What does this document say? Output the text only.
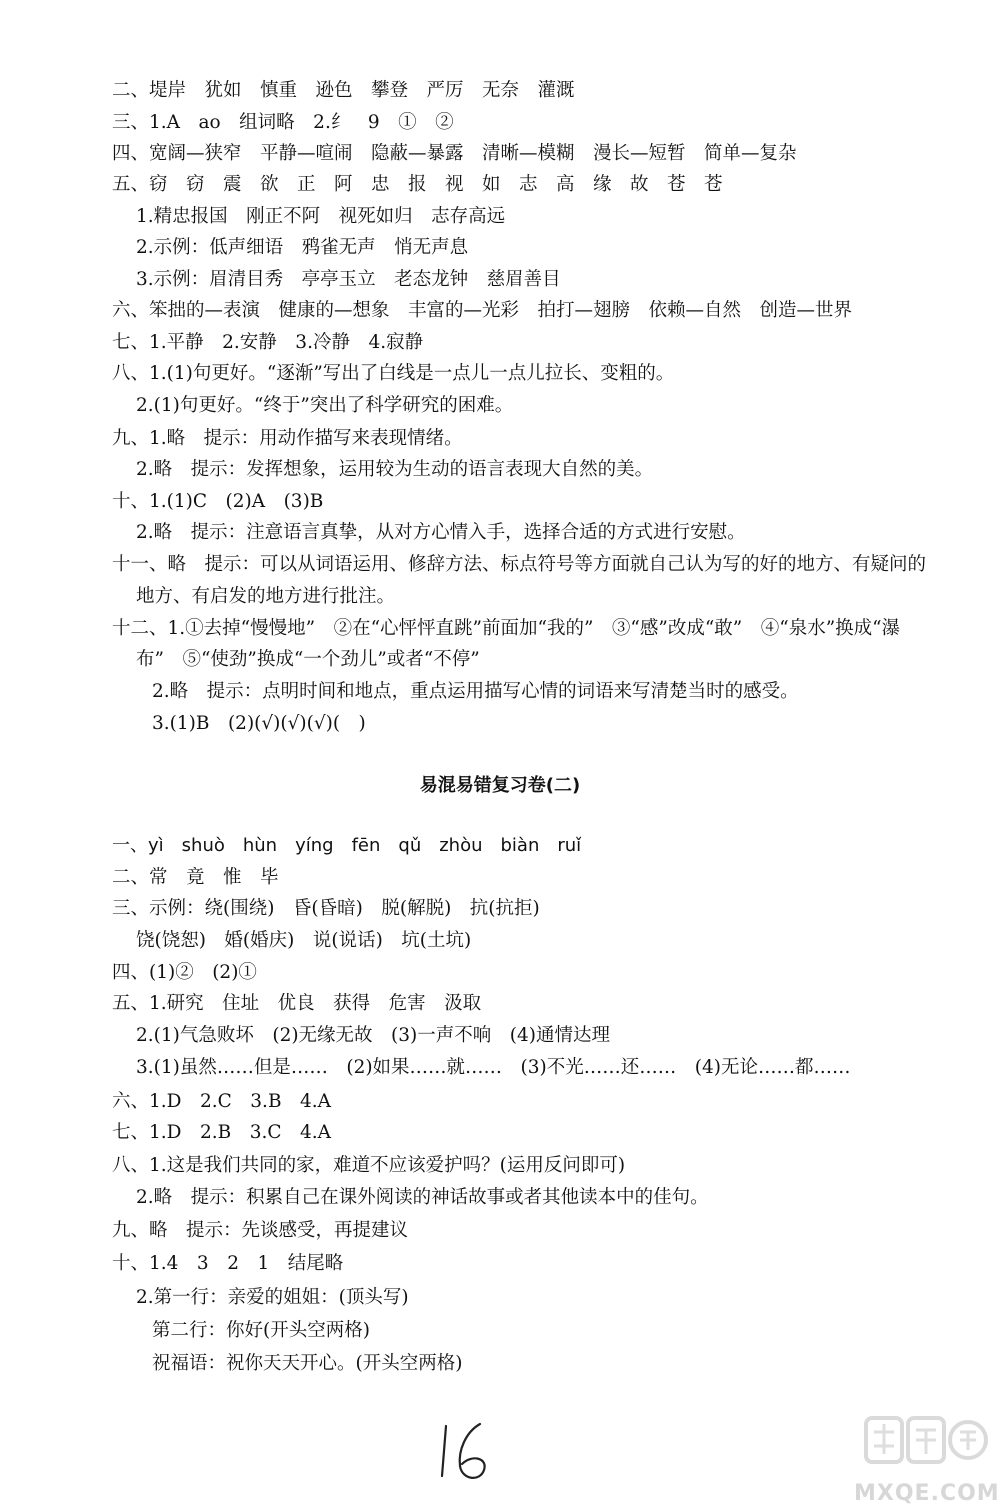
二、堤岸　犹如　慎重　逊色　攀登　严厉　无奈　灌溉
三、1.A　ao　组词略　2.纟　9　①　②
四、宽阔—狭窄　平静—喧闹　隐蔽—暴露　清晰—模糊　漫长—短暂　简单—复杂
五、窃　窃　震　欲　正　阿　忠　报　视　如　志　高　缘　故　苍　苍
1.精忠报国　刚正不阿　视死如归　志存高远
2.示例：低声细语　鸦雀无声　悄无声息
3.示例：眉清目秀　亭亭玉立　老态龙钟　慈眉善目
六、笨拙的—表演　健康的—想象　丰富的—光彩　拍打—翅膀　依赖—自然　创造—世界
七、1.平静　2.安静　3.冷静　4.寂静
八、1.(1)句更好。“逐渐”写出了白线是一点儿一点儿拉长、变粗的。
2.(1)句更好。“终于”突出了科学研究的困难。
九、1.略　提示：用动作描写来表现情绪。
2.略　提示：发挥想象，运用较为生动的语言表现大自然的美。
十、1.(1)C　(2)A　(3)B
2.略　提示：注意语言真挚，从对方心情入手，选择合适的方式进行安慰。
十一、略　提示：可以从词语运用、修辞方法、标点符号等方面就自己认为写的好的地方、有疑问的
地方、有启发的地方进行批注。
十二、1.①去掉“慢慢地”　②在“心怦怦直跳”前面加“我的”　③“感”改成“敢”　④“泉水”换成“瀑
布”　⑤“使劲”换成“一个劲儿”或者“不停”
2.略　提示：点明时间和地点，重点运用描写心情的词语来写清楚当时的感受。
3.(1)B　(2)(√)(√)(√)(　)
易混易错复习卷(二)
一、yì　shuò　hùn　yíng　fēn　qǔ　zhòu　biàn　ruǐ
二、常　竟　惟　毕
三、示例：绕(围绕)　昏(昏暗)　脱(解脱)　抗(抗拒)
饶(饶恕)　婚(婚庆)　说(说话)　坑(土坑)
四、(1)②　(2)①
五、1.研究　住址　优良　获得　危害　汲取
2.(1)气急败坏　(2)无缘无故　(3)一声不响　(4)通情达理
3.(1)虽然……但是……　(2)如果……就……　(3)不光……还……　(4)无论……都……
六、1.D　2.C　3.B　4.A
七、1.D　2.B　3.C　4.A
八、1.这是我们共同的家，难道不应该爱护吗？(运用反问即可)
2.略　提示：积累自己在课外阅读的神话故事或者其他读本中的佳句。
九、略　提示：先谈感受，再提建议
十、1.4　3　2　1　结尾略
2.第一行：亲爱的姐姐：(顶头写)
第二行：你好(开头空两格)
祝福语：祝你天天开心。(开头空两格)
MXQE.COM
